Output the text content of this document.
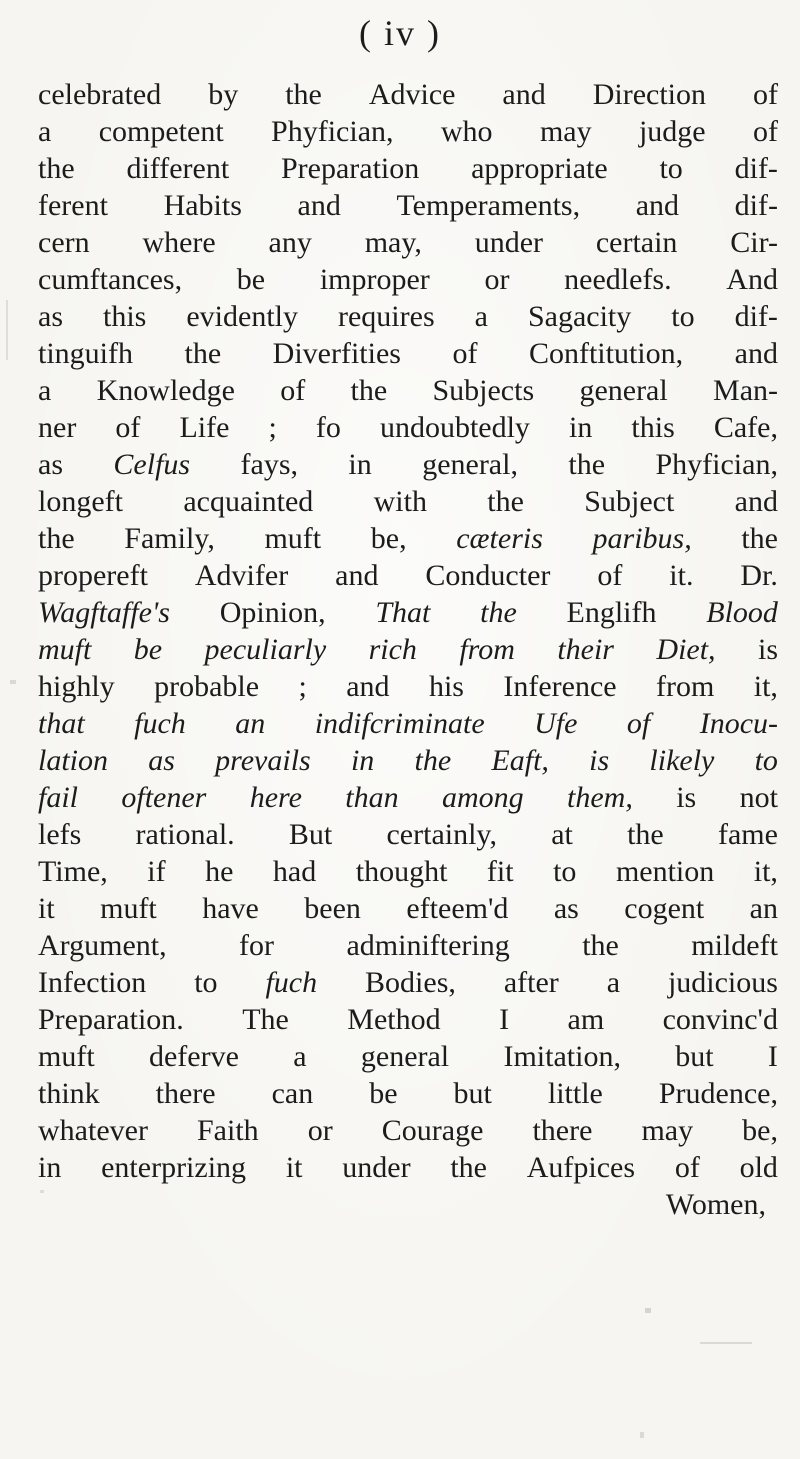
( iv )
celebrated by the Advice and Direction of
a competent Phyfician, who may judge of
the different Preparation appropriate to dif-
ferent Habits and Temperaments, and dif-
cern where any may, under certain Cir-
cumftances, be improper or needlefs. And
as this evidently requires a Sagacity to dif-
tinguifh the Diverfities of Conftitution, and
a Knowledge of the Subjects general Man-
ner of Life ; fo undoubtedly in this Cafe,
as Celfus fays, in general, the Phyfician,
longeft acquainted with the Subject and
the Family, muft be, cæteris paribus, the
propereft Advifer and Conducter of it. Dr.
Wagftaffe's Opinion, That the Englifh Blood
muft be peculiarly rich from their Diet, is
highly probable ; and his Inference from it,
that fuch an indifcriminate Ufe of Inocu-
lation as prevails in the Eaft, is likely to
fail oftener here than among them, is not
lefs rational. But certainly, at the fame
Time, if he had thought fit to mention it,
it muft have been efteem'd as cogent an
Argument, for adminiftering the mildeft
Infection to fuch Bodies, after a judicious
Preparation. The Method I am convinc'd
muft deferve a general Imitation, but I
think there can be but little Prudence,
whatever Faith or Courage there may be,
in enterprizing it under the Aufpices of old
Women,
